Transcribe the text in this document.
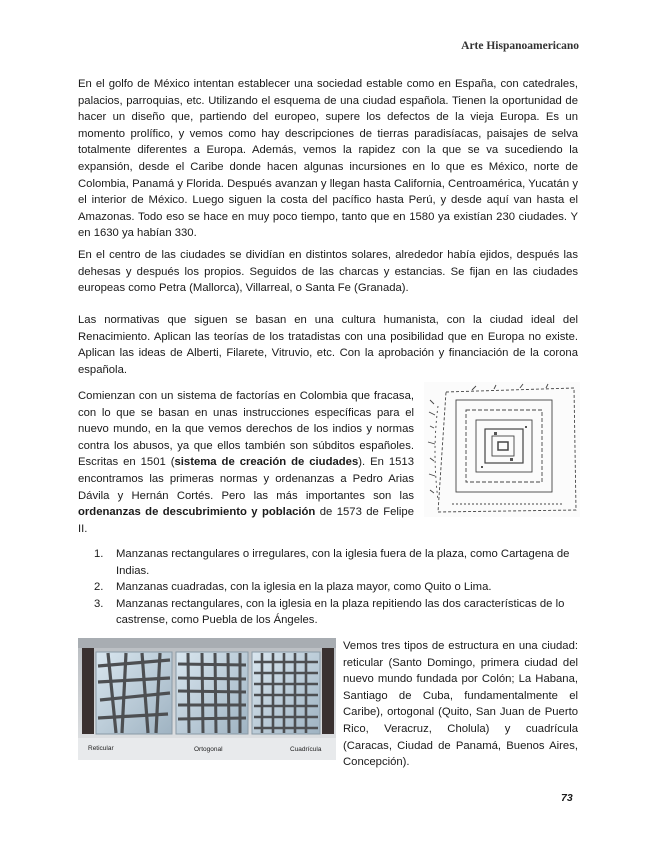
Arte Hispanoamericano

En el golfo de México intentan establecer una sociedad estable como en España, con catedrales, palacios, parroquias, etc. Utilizando el esquema de una ciudad española. Tienen la oportunidad de hacer un diseño que, partiendo del europeo, supere los defectos de la vieja Europa. Es un momento prolífico, y vemos como hay descripciones de tierras paradisíacas, paisajes de selva totalmente diferentes a Europa. Además, vemos la rapidez con la que se va sucediendo la expansión, desde el Caribe donde hacen algunas incursiones en lo que es México, norte de Colombia, Panamá y Florida. Después avanzan y llegan hasta California, Centroamérica, Yucatán y el interior de México. Luego siguen la costa del pacífico hasta Perú, y desde aquí van hasta el Amazonas. Todo eso se hace en muy poco tiempo, tanto que en 1580 ya existían 230 ciudades. Y en 1630 ya habían 330.

En el centro de las ciudades se dividían en distintos solares, alrededor había ejidos, después las dehesas y después los propios. Seguidos de las charcas y estancias. Se fijan en las ciudades europeas como Petra (Mallorca), Villarreal, o Santa Fe (Granada).

Las normativas que siguen se basan en una cultura humanista, con la ciudad ideal del Renacimiento. Aplican las teorías de los tratadistas con una posibilidad que en Europa no existe. Aplican las ideas de Alberti, Filarete, Vitruvio, etc. Con la aprobación y financiación de la corona española.

Comienzan con un sistema de factorías en Colombia que fracasa, con lo que se basan en unas instrucciones específicas para el nuevo mundo, en la que vemos derechos de los indios y normas contra los abusos, ya que ellos también son súbditos españoles. Escritas en 1501 (sistema de creación de ciudades). En 1513 encontramos las primeras normas y ordenanzas a Pedro Arias Dávila y Hernán Cortés. Pero las más importantes son las ordenanzas de descubrimiento y población de 1573 de Felipe II.

1.	Manzanas rectangulares o irregulares, con la iglesia fuera de la plaza, como Cartagena de Indias.
2.	Manzanas cuadradas, con la iglesia en la plaza mayor, como Quito o Lima.
3.	Manzanas rectangulares, con la iglesia en la plaza repitiendo las dos características de lo castrense, como Puebla de los Ángeles.
Reticular	Ortogonal	Cuadrícula

Vemos tres tipos de estructura en una ciudad: reticular (Santo Domingo, primera ciudad del nuevo mundo fundada por Colón; La Habana, Santiago de Cuba, fundamentalmente el Caribe), ortogonal (Quito, San Juan de Puerto Rico, Veracruz, Cholula) y cuadrícula (Caracas, Ciudad de Panamá, Buenos Aires, Concepción).

73
